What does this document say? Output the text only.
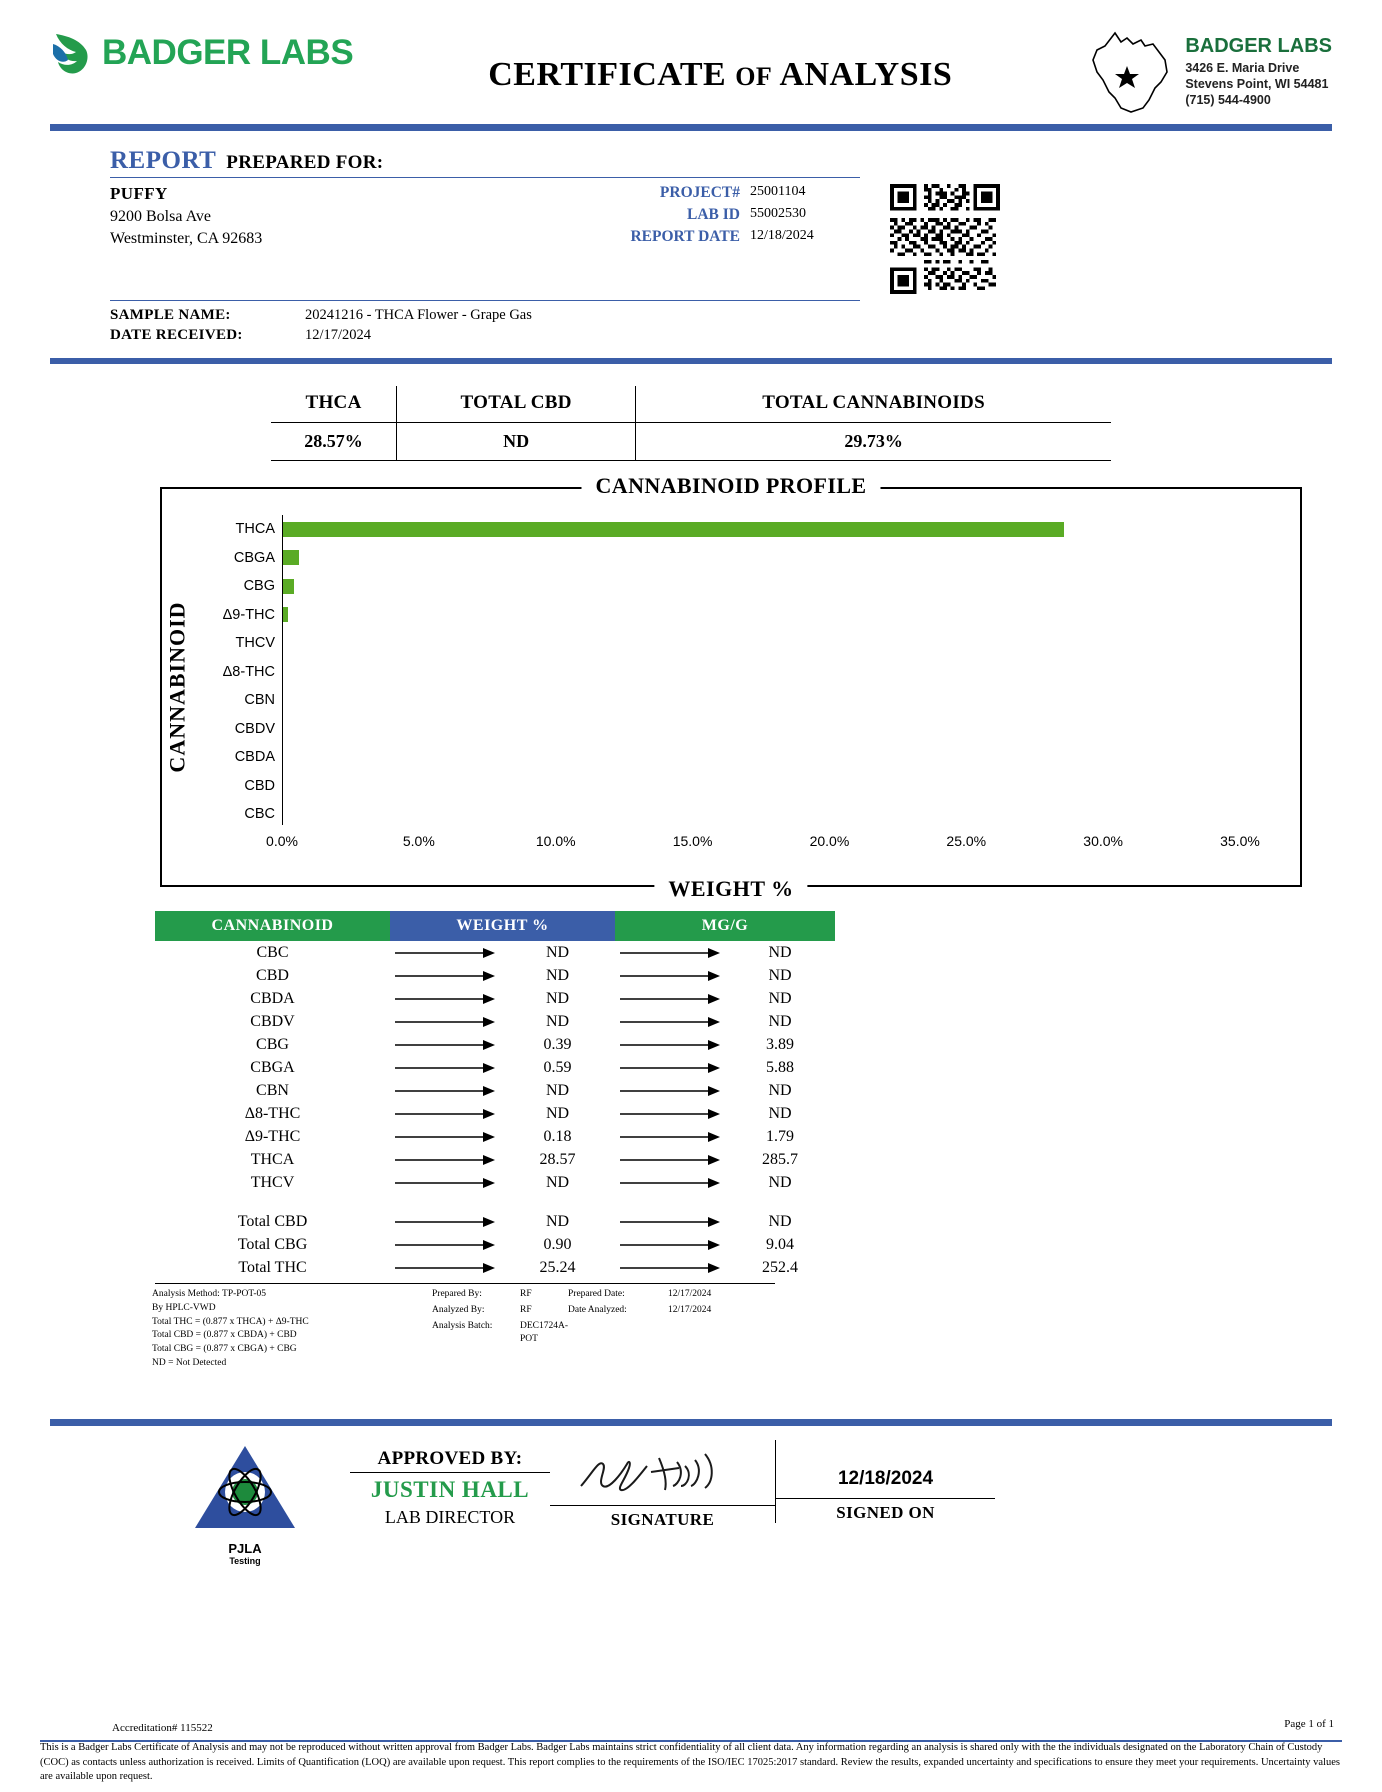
BADGER LABS
CERTIFICATE OF ANALYSIS
BADGER LABS
3426 E. Maria Drive
Stevens Point, WI 54481
(715) 544-4900
REPORT PREPARED FOR:
PUFFY
9200 Bolsa Ave
Westminster, CA 92683
PROJECT# 25001104
LAB ID 55002530
REPORT DATE 12/18/2024
SAMPLE NAME:	20241216 - THCA Flower - Grape Gas
DATE RECEIVED:	12/17/2024
THCA	TOTAL CBD	TOTAL CANNABINOIDS
28.57%	ND	29.73%
CANNABINOID PROFILE
CANNABINOID
WEIGHT %
THCA
CBGA
CBG
Δ9-THC
THCV
Δ8-THC
CBN
CBDV
CBDA
CBD
CBC
0.0%	5.0%	10.0%	15.0%	20.0%	25.0%	30.0%	35.0%
CANNABINOID	WEIGHT %	MG/G
CBC	ND	ND
CBD	ND	ND
CBDA	ND	ND
CBDV	ND	ND
CBG	0.39	3.89
CBGA	0.59	5.88
CBN	ND	ND
Δ8-THC	ND	ND
Δ9-THC	0.18	1.79
THCA	28.57	285.7
THCV	ND	ND
Total CBD	ND	ND
Total CBG	0.90	9.04
Total THC	25.24	252.4
Analysis Method: TP-POT-05
By HPLC-VWD
Total THC = (0.877 x THCA) + Δ9-THC
Total CBD = (0.877 x CBDA) + CBD
Total CBG = (0.877 x CBGA) + CBG
ND = Not Detected
Prepared By:	RF	Prepared Date:	12/17/2024
Analyzed By:	RF	Date Analyzed:	12/17/2024
Analysis Batch:	DEC1724A-POT
PJLA
Testing
APPROVED BY:
JUSTIN HALL
LAB DIRECTOR	SIGNATURE
12/18/2024
SIGNED ON
Accreditation# 115522	Page 1 of 1
This is a Badger Labs Certificate of Analysis and may not be reproduced without written approval from Badger Labs. Badger Labs maintains strict confidentiality of all client data. Any information regarding an analysis is shared only with the the individuals designated on the Laboratory Chain of Custody (COC) as contacts unless authorization is received. Limits of Quantification (LOQ) are available upon request. This report complies to the requirements of the ISO/IEC 17025:2017 standard. Review the results, expanded uncertainty and specifications to ensure they meet your requirements. Uncertainty values are available upon request.
